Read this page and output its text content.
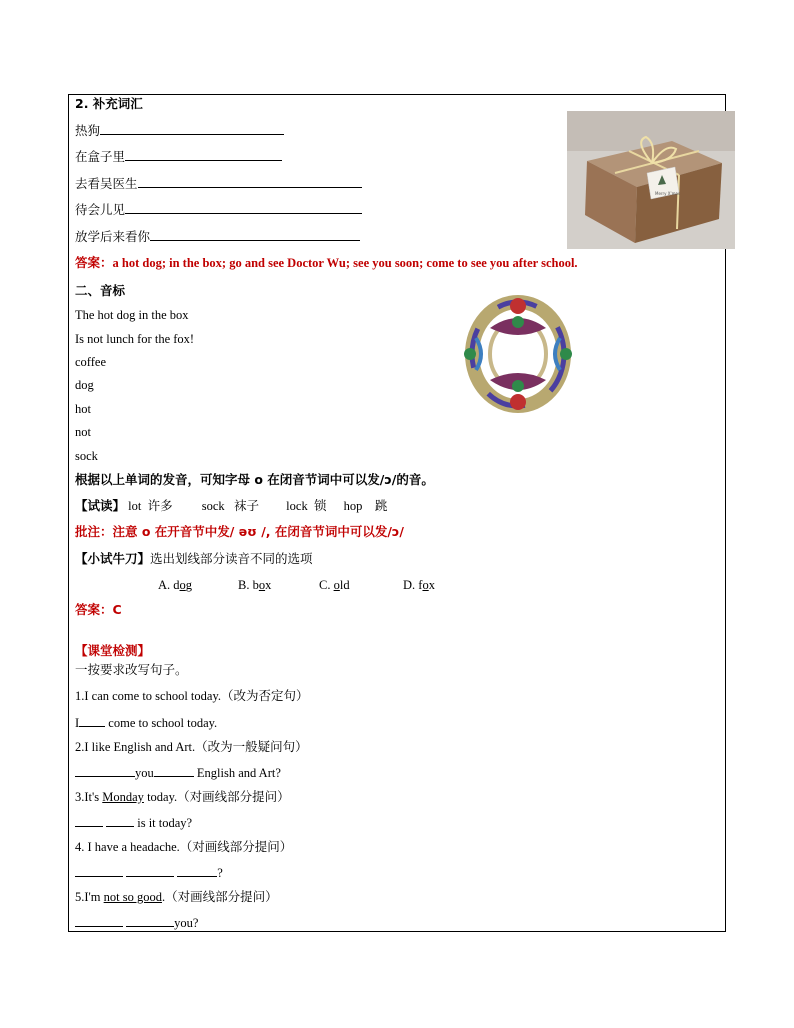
2. 补充词汇
热狗
在盒子里
去看吴医生
待会儿见
放学后来看你
答案：a hot dog; in the box; go and see Doctor Wu; see you soon; come to see you after school.
Merry X'mas
二、音标
The hot dog in the box
Is not lunch for the fox!
coffee
dog
hot
not
sock
根据以上单词的发音，可知字母 o 在闭音节词中可以发/ɔ/的音。
【试读】 lot 许多 sock 袜子 lock 锁 hop 跳
批注：注意 o 在开音节中发/ əʊ /, 在闭音节词中可以发/ɔ/
【小试牛刀】选出划线部分读音不同的选项
A. dog	B. box	C. old	D. fox
答案：C
【课堂检测】
一按要求改写句子。
1.I can come to school today.（改为否定句）
I come to school today.
2.I like English and Art.（改为一般疑问句）
you	English and Art?
3.It's Monday today.（对画线部分提问）
is it today?
4. I have a headache.（对画线部分提问）
?
5.I'm not so good.（对画线部分提问）
you?
